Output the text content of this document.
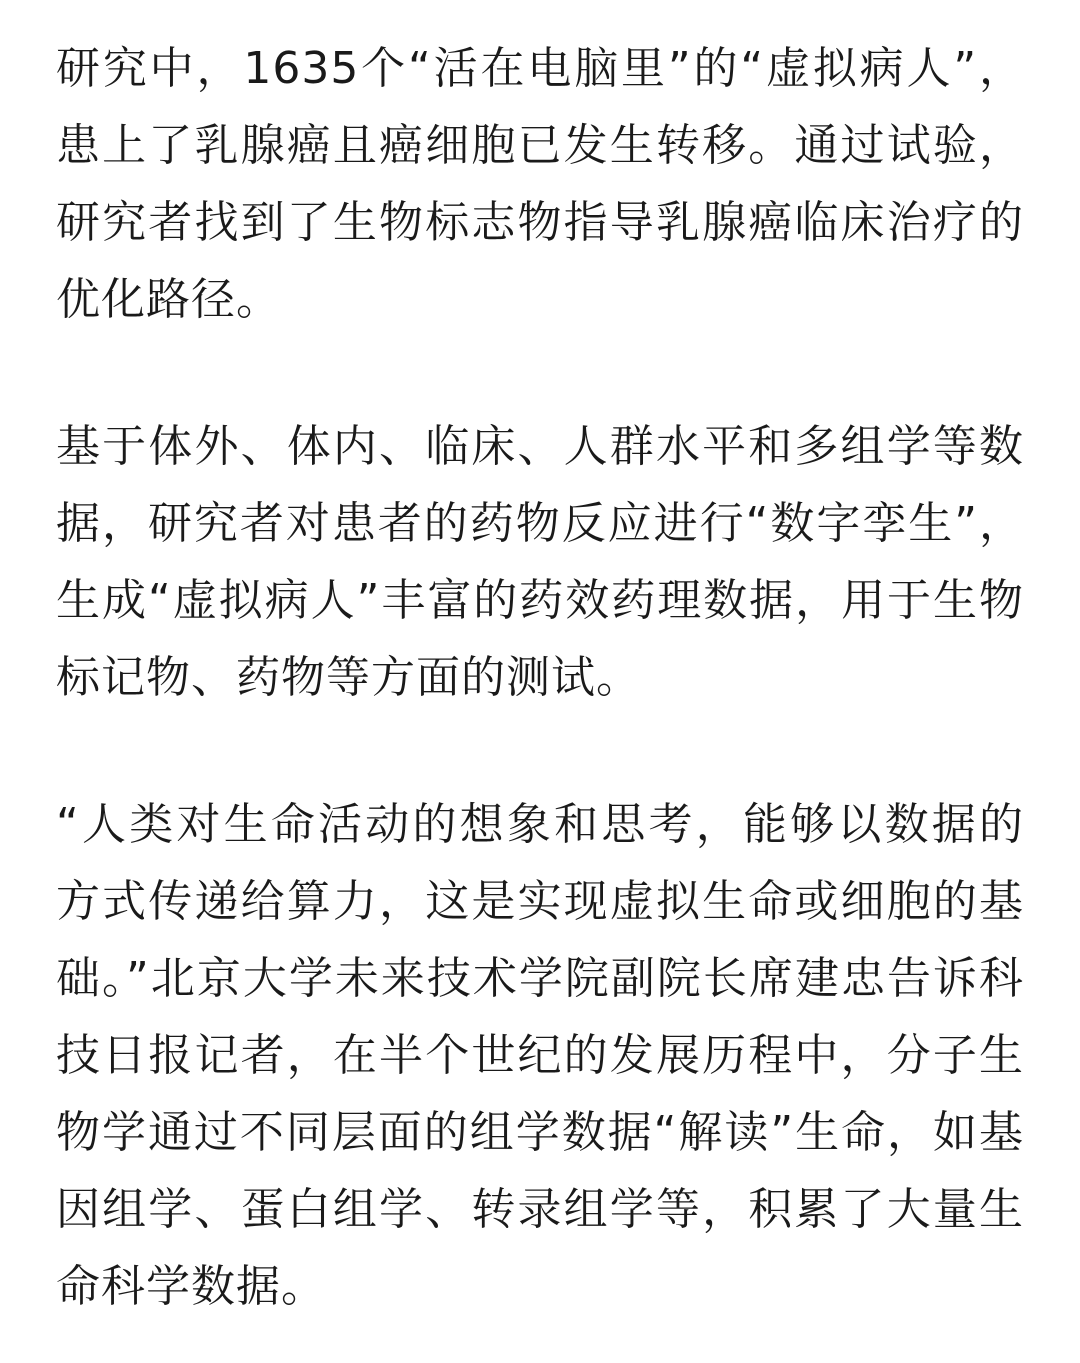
研究中，1635个“活在电脑里”的“虚拟病人”，患上了乳腺癌且癌细胞已发生转移。通过试验，研究者找到了生物标志物指导乳腺癌临床治疗的优化路径。

基于体外、体内、临床、人群水平和多组学等数据，研究者对患者的药物反应进行“数字孪生”，生成“虚拟病人”丰富的药效药理数据，用于生物标记物、药物等方面的测试。

“人类对生命活动的想象和思考，能够以数据的方式传递给算力，这是实现虚拟生命或细胞的基础。”北京大学未来技术学院副院长席建忠告诉科技日报记者，在半个世纪的发展历程中，分子生物学通过不同层面的组学数据“解读”生命，如基因组学、蛋白组学、转录组学等，积累了大量生命科学数据。
